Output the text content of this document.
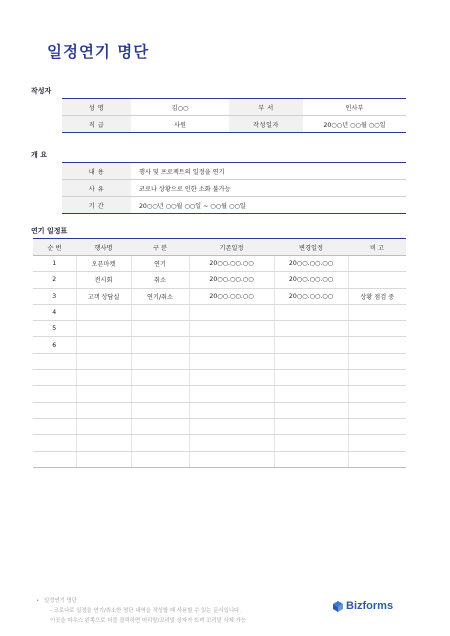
일정연기 명단
작성자
성 명	김○○	부 서	인사부
직 급	사원	작성일자	20○○년 ○○월 ○○일
개 요
내 용	행사 및 프로젝트의 일정을 연기
사 유	코로나 상황으로 인한 소화 불가능
기 간	20○○년 ○○월 ○○일 ~ ○○월 ○○일
연기 일정표
순 번	행사명	구 분	기존일정	변경일정	비 고
1	오픈마켓	연기	20○○.○○.○○	20○○.○○.○○	
2	전시회	취소	20○○.○○.○○	20○○.○○.○○	
3	고객 상담실	연기/취소	20○○.○○.○○	20○○.○○.○○	상황 점검 중
4					
5					
6					

• 일정연기 명단
- 코로나로 일정을 연기/취소한 명단 내역을 작성할 때 사용할 수 있는 문서입니다.
이곳을 마우스 왼쪽으로 더블 클릭하면 머리말/꼬리말 상자가 뜨며 꼬리말 삭제 가능
Bizforms
